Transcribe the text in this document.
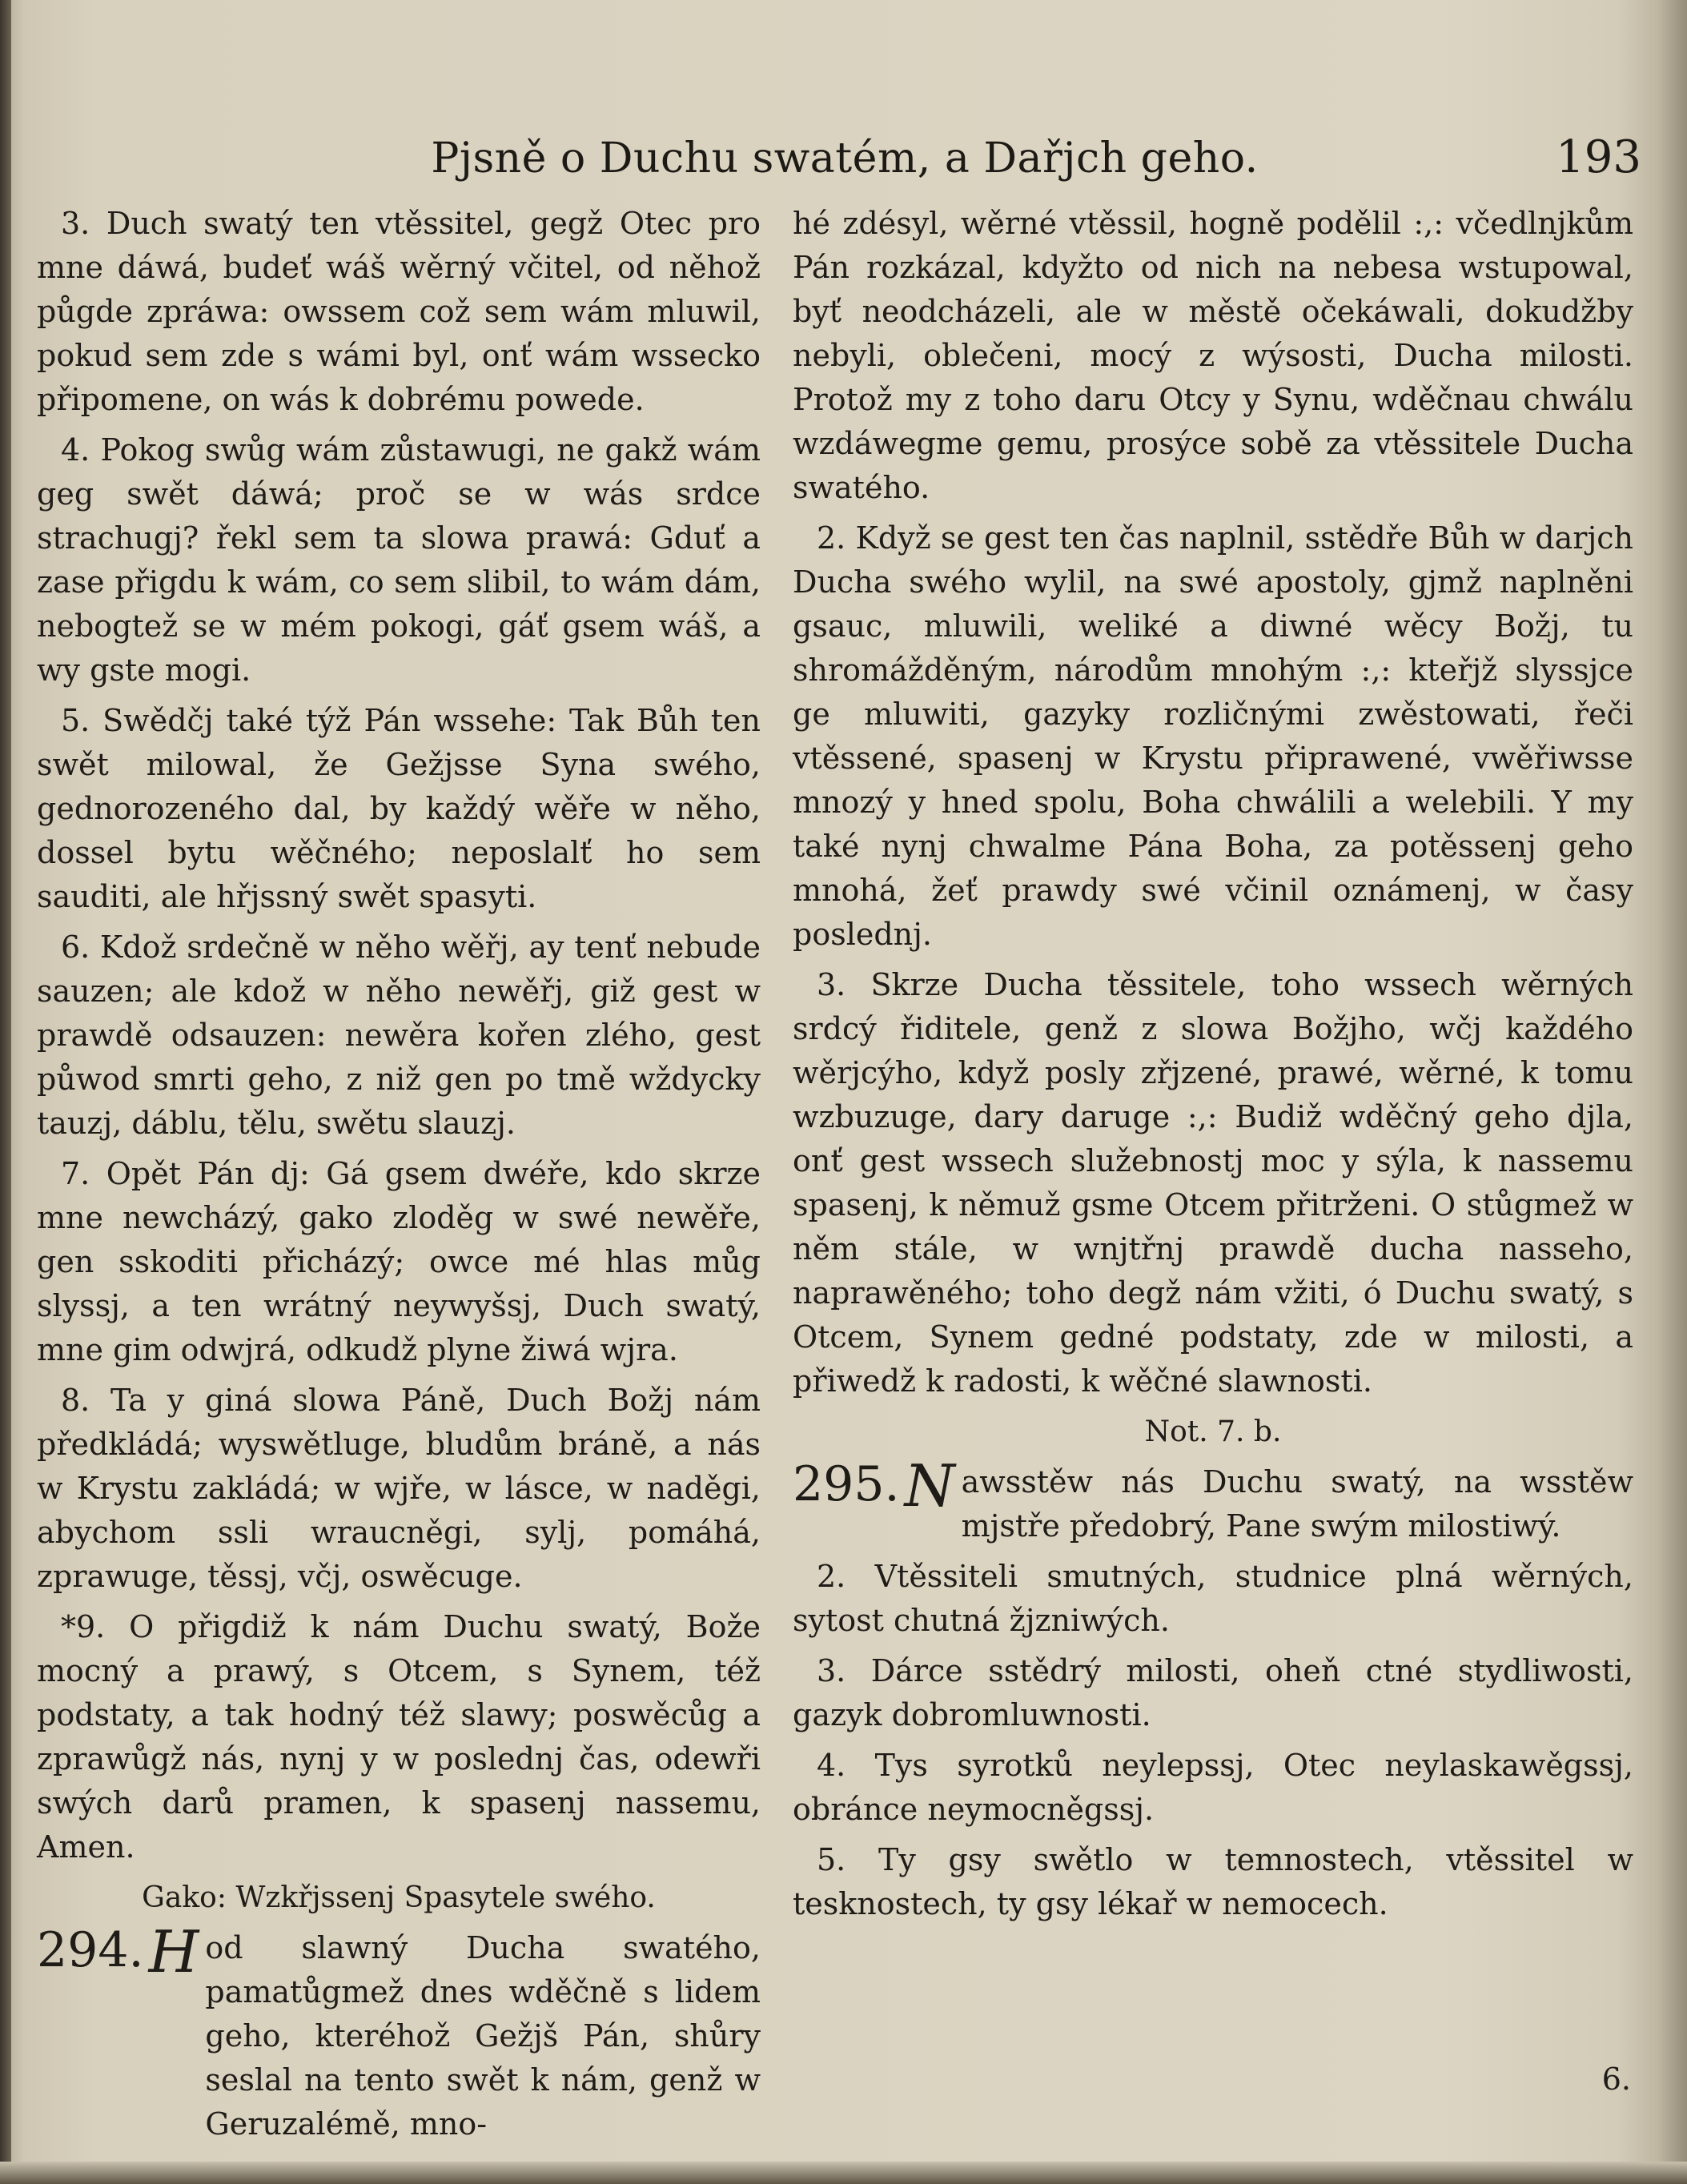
Pjsně o Duchu swatém, a Dařjch geho.	193

3. Duch swatý ten vtěssitel, gegž Otec pro mne dáwá, budeť wáš wěrný včitel, od něhož půgde zpráwa: owssem což sem wám mluwil, pokud sem zde s wámi byl, onť wám wssecko připomene, on wás k dobrému powede.

4. Pokog swůg wám zůstawugi, ne gakž wám geg swět dáwá; proč se w wás srdce strachugj? řekl sem ta slowa prawá: Gduť a zase přigdu k wám, co sem slibil, to wám dám, nebogtež se w mém pokogi, gáť gsem wáš, a wy gste mogi.

5. Swědčj také týž Pán wssehe: Tak Bůh ten swět milowal, že Gežjsse Syna swého, gednorozeného dal, by každý wěře w něho, dossel bytu wěčného; neposlalť ho sem sauditi, ale hřjssný swět spasyti.

6. Kdož srdečně w něho wěřj, ay tenť nebude sauzen; ale kdož w něho newěřj, giž gest w prawdě odsauzen: newěra kořen zlého, gest půwod smrti geho, z niž gen po tmě wždycky tauzj, dáblu, tělu, swětu slauzj.

7. Opět Pán dj: Gá gsem dwéře, kdo skrze mne newcházý, gako zloděg w swé newěře, gen sskoditi přicházý; owce mé hlas můg slyssj, a ten wrátný neywyšsj, Duch swatý, mne gim odwjrá, odkudž plyne žiwá wjra.

8. Ta y giná slowa Páně, Duch Božj nám předkládá; wyswětluge, bludům bráně, a nás w Krystu zakládá; w wjře, w lásce, w naděgi, abychom ssli wraucněgi, sylj, pomáhá, zprawuge, těssj, včj, oswěcuge.

*9. O přigdiž k nám Duchu swatý, Bože mocný a prawý, s Otcem, s Synem, též podstaty, a tak hodný též slawy; poswěcůg a zprawůgž nás, nynj y w poslednj čas, odewři swých darů pramen, k spasenj nassemu, Amen.

Gako: Wzkřjssenj Spasytele swého.

294. H od slawný Ducha swatého, pamatůgmež dnes wděčně s lidem geho, kteréhož Gežjš Pán, shůry seslal na tento swět k nám, genž w Geruzalémě, mno-

hé zdésyl, wěrné vtěssil, hogně podělil :,: včedlnjkům Pán rozkázal, kdyžto od nich na nebesa wstupowal, byť neodcházeli, ale w městě očekáwali, dokudžby nebyli, oblečeni, mocý z wýsosti, Ducha milosti. Protož my z toho daru Otcy y Synu, wděčnau chwálu wzdáwegme gemu, prosýce sobě za vtěssitele Ducha swatého.

2. Když se gest ten čas naplnil, sstědře Bůh w darjch Ducha swého wylil, na swé apostoly, gjmž naplněni gsauc, mluwili, weliké a diwné wěcy Božj, tu shromážděným, národům mnohým :,: kteřjž slyssjce ge mluwiti, gazyky rozličnými zwěstowati, řeči vtěssené, spasenj w Krystu připrawené, vwěřiwsse mnozý y hned spolu, Boha chwálili a welebili. Y my také nynj chwalme Pána Boha, za potěssenj geho mnohá, žeť prawdy swé včinil oznámenj, w časy poslednj.

3. Skrze Ducha těssitele, toho wssech wěrných srdcý řiditele, genž z slowa Božjho, wčj každého wěrjcýho, když posly zřjzené, prawé, wěrné, k tomu wzbuzuge, dary daruge :,: Budiž wděčný geho djla, onť gest wssech služebnostj moc y sýla, k nassemu spasenj, k němuž gsme Otcem přitrženi. O stůgmež w něm stále, w wnjtřnj prawdě ducha nasseho, naprawěného; toho degž nám vžiti, ó Duchu swatý, s Otcem, Synem gedné podstaty, zde w milosti, a přiwedž k radosti, k wěčné slawnosti.

Not. 7. b.

295. N awsstěw nás Duchu swatý, na wsstěw mjstře předobrý, Pane swým milostiwý.

2. Vtěssiteli smutných, studnice plná wěrných, sytost chutná žjzniwých.

3. Dárce sstědrý milosti, oheň ctné stydliwosti, gazyk dobromluwnosti.

4. Tys syrotků neylepssj, Otec neylaskawěgssj, obránce neymocněgssj.

5. Ty gsy swětlo w temnostech, vtěssitel w tesknostech, ty gsy lékař w nemocech.

6.
